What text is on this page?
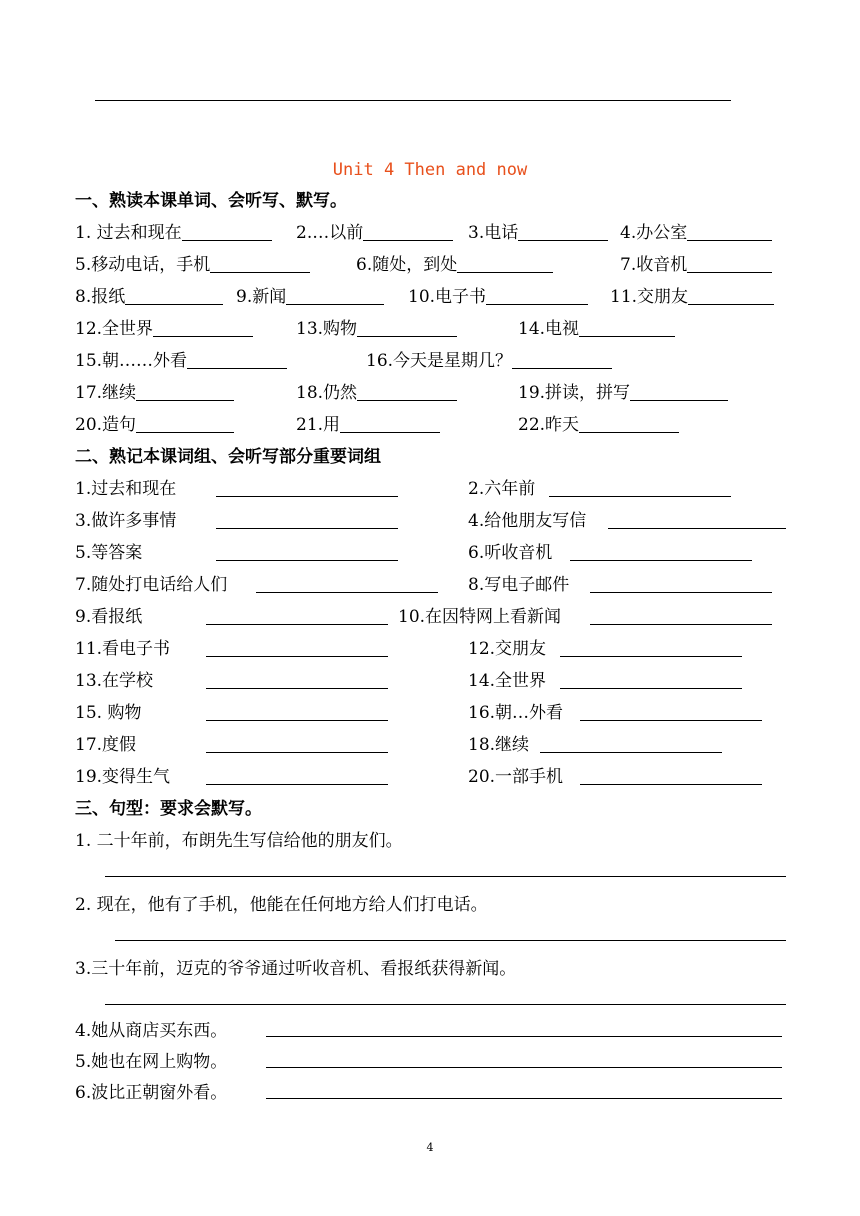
Unit 4 Then and now
一、熟读本课单词、会听写、默写。
1. 过去和现在	2.…以前	3.电话	4.办公室
5.移动电话，手机	6.随处，到处	7.收音机
8.报纸	9.新闻	10.电子书	11.交朋友
12.全世界	13.购物	14.电视
15.朝……外看	16.今天是星期几？
17.继续	18.仍然	19.拼读，拼写
20.造句	21.用	22.昨天
二、熟记本课词组、会听写部分重要词组
1.过去和现在	2.六年前
3.做许多事情	4.给他朋友写信
5.等答案	6.听收音机
7.随处打电话给人们	8.写电子邮件
9.看报纸	10.在因特网上看新闻
11.看电子书	12.交朋友
13.在学校	14.全世界
15. 购物	16.朝…外看
17.度假	18.继续
19.变得生气	20.一部手机
三、句型：要求会默写。
1. 二十年前，布朗先生写信给他的朋友们。
2. 现在，他有了手机，他能在任何地方给人们打电话。
3.三十年前，迈克的爷爷通过听收音机、看报纸获得新闻。
4.她从商店买东西。
5.她也在网上购物。
6.波比正朝窗外看。
4
